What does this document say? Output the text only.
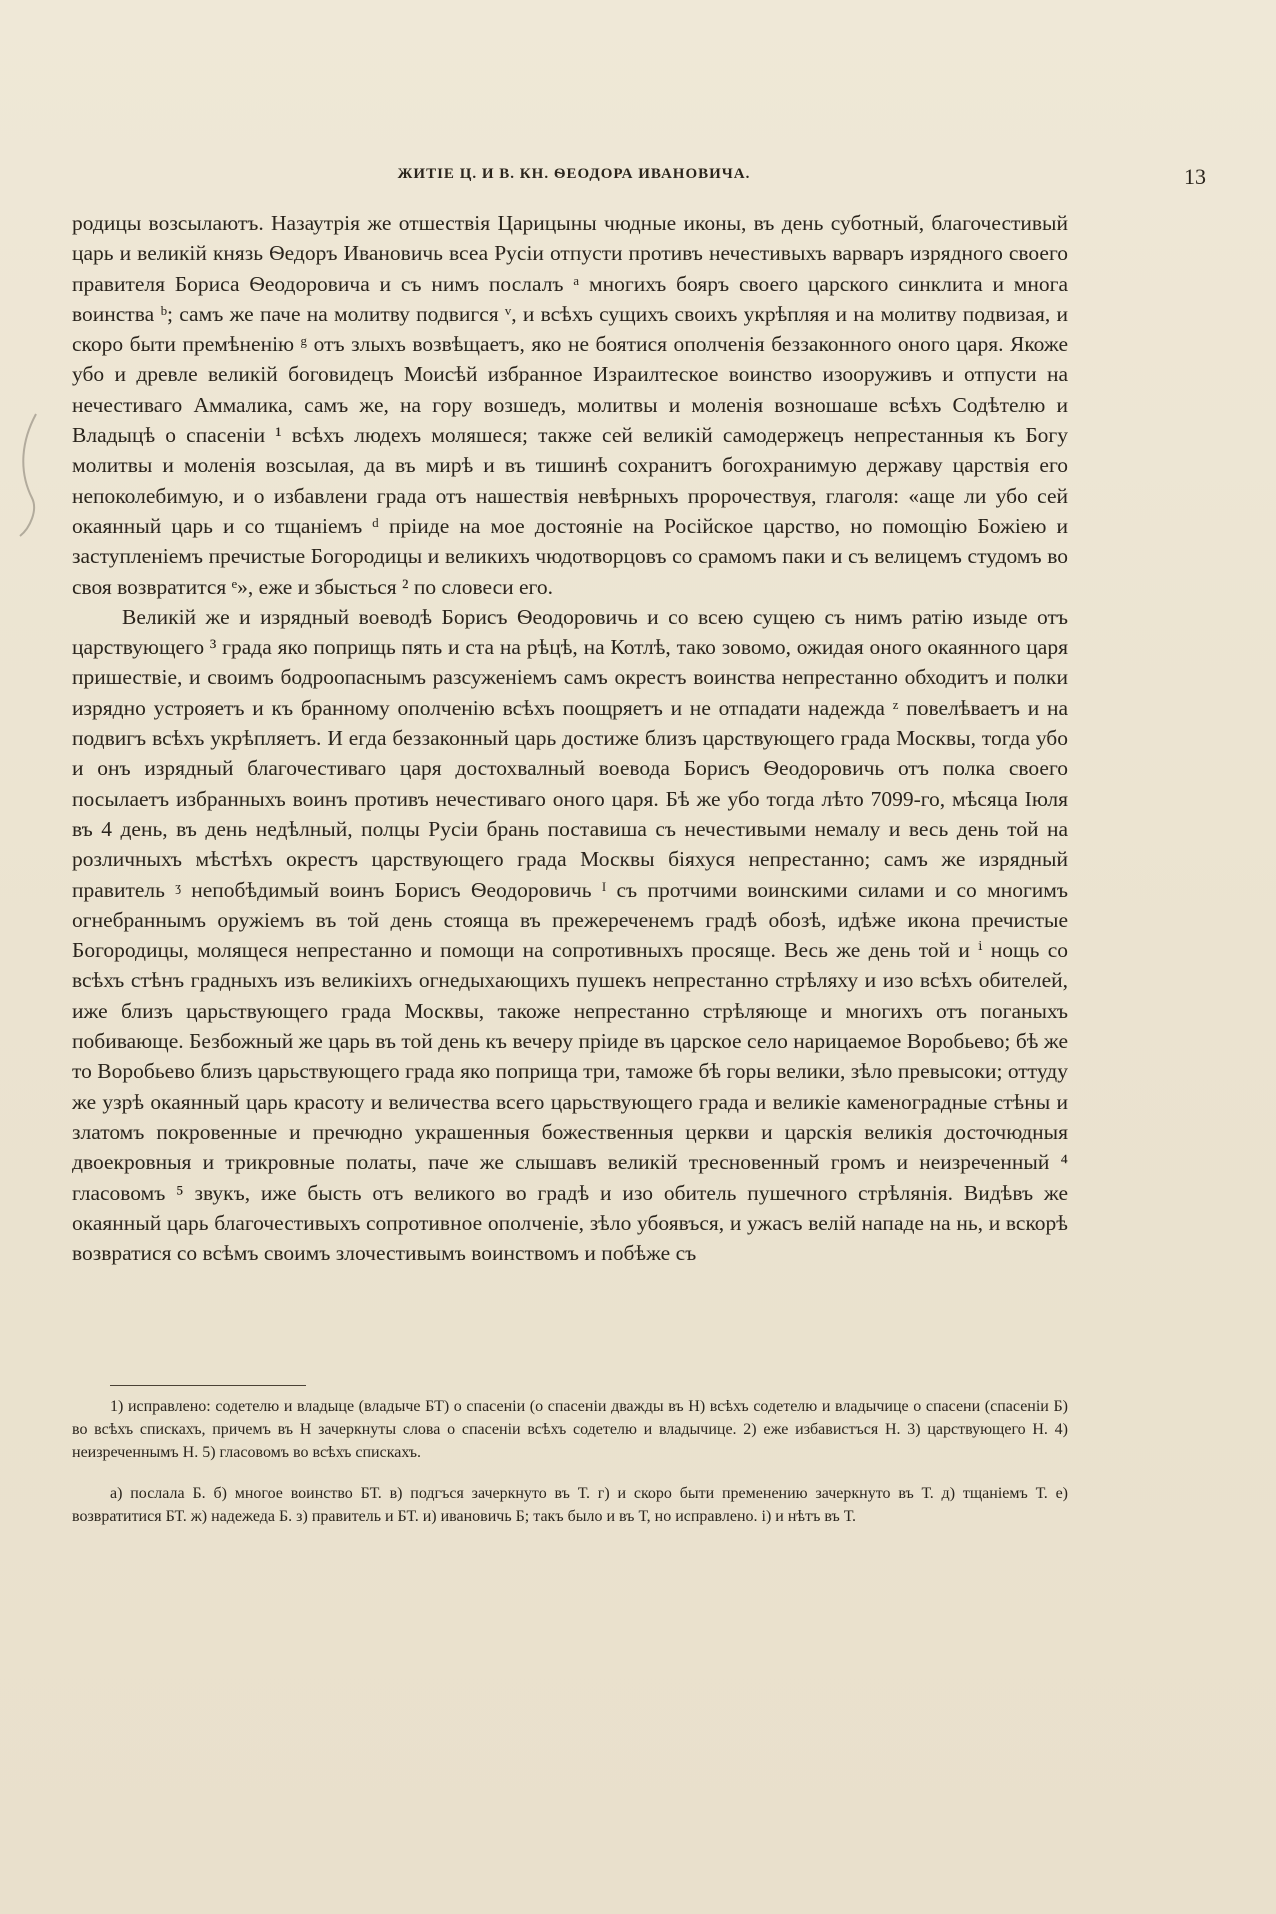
ЖИТІЕ Ц. И В. КН. ѲЕОДОРА ИВАНОВИЧА.	13

родицы возсылаютъ. Назаутрія же отшествія Царицыны чюдные иконы, въ день суботный, благочестивый царь и великій князь Ѳедоръ Ивановичь всеа Русіи отпусти противъ нечестивыхъ варваръ изрядного своего правителя Бориса Ѳеодоровича и съ нимъ послалъ ᵃ многихъ бояръ своего царского синклита и многа воинства ᵇ; самъ же паче на молитву подвигся ᵛ, и всѣхъ сущихъ своихъ укрѣпляя и на молитву подвизая, и скоро быти премѣненію ᵍ отъ злыхъ возвѣщаетъ, яко не боятися ополченія беззаконного оного царя. Якоже убо и древле великій боговидецъ Моисѣй избранное Израилтеское воинство изооруживъ и отпусти на нечестиваго Аммалика, самъ же, на гору возшедъ, молитвы и моленія возношаше всѣхъ Содѣтелю и Владыцѣ о спасеніи ¹ всѣхъ людехъ моляшеся; также сей великій самодержецъ непрестанныя къ Богу молитвы и моленія возсылая, да въ мирѣ и въ тишинѣ сохранитъ богохранимую державу царствія его непоколебимую, и о избавлени града отъ нашествія невѣрныхъ пророчествуя, глаголя: «аще ли убо сей окаянный царь и со тщаніемъ ᵈ пріиде на мое достояніе на Російское царство, но помощію Божіею и заступленіемъ пречистые Богородицы и великихъ чюдотворцовъ со срамомъ паки и съ велицемъ студомъ во своя возвратится ᵉ», еже и збысться ² по словеси его.

Великій же и изрядный воеводѣ Борисъ Ѳеодоровичь и со всею сущею съ нимъ ратію изыде отъ царствующего ³ града яко поприщь пять и ста на рѣцѣ, на Котлѣ, тако зовомо, ожидая оного окаянного царя пришествіе, и своимъ бодроопаснымъ разсуженіемъ самъ окрестъ воинства непрестанно обходитъ и полки изрядно устрояетъ и къ бранному ополченію всѣхъ поощряетъ и не отпадати надежда ᶻ повелѣваетъ и на подвигъ всѣхъ укрѣпляетъ. И егда беззаконный царь достиже близъ царствующего града Москвы, тогда убо и онъ изрядный благочестиваго царя достохвалный воевода Борисъ Ѳеодоровичь отъ полка своего посылаетъ избранныхъ воинъ противъ нечестиваго оного царя. Бѣ же убо тогда лѣто 7099-го, мѣсяца Іюля въ 4 день, въ день недѣлный, полцы Русіи брань поставиша съ нечестивыми немалу и весь день той на розличныхъ мѣстѣхъ окрестъ царствующего града Москвы біяхуся непрестанно; самъ же изрядный правитель ᶾ непобѣдимый воинъ Борисъ Ѳеодоровичь ᴵ съ протчими воинскими силами и со многимъ огнебраннымъ оружіемъ въ той день стояща въ прежереченемъ градѣ обозѣ, идѣже икона пречистые Богородицы, молящеся непрестанно и помощи на сопротивныхъ просяще. Весь же день той и ⁱ нощь со всѣхъ стѣнъ градныхъ изъ великіихъ огнедыхающихъ пушекъ непрестанно стрѣляху и изо всѣхъ обителей, иже близъ царьствующего града Москвы, такоже непрестанно стрѣляюще и многихъ отъ поганыхъ побивающе. Безбожный же царь въ той день къ вечеру пріиде въ царское село нарицаемое Воробьево; бѣ же то Воробьево близъ царьствующего града яко поприща три, таможе бѣ горы велики, зѣло превысоки; оттуду же узрѣ окаянный царь красоту и величества всего царьствующего града и великіе каменоградные стѣны и златомъ покровенные и пречюдно украшенныя божественныя церкви и царскія великія досточюдныя двоекровныя и трикровные полаты, паче же слышавъ великій тресновенный громъ и неизреченный ⁴ гласовомъ ⁵ звукъ, иже бысть отъ великого во градѣ и изо обитель пушечного стрѣлянія. Видѣвъ же окаянный царь благочестивыхъ сопротивное ополченіе, зѣло убоявъся, и ужасъ велій нападе на нь, и вскорѣ возвратися со всѣмъ своимъ злочестивымъ воинствомъ и побѣже съ

1) исправлено: содетелю и владыце (владыче БТ) о спасеніи (о спасеніи дважды въ Н) всѣхъ содетелю и владычице о спасени (спасеніи Б) во всѣхъ спискахъ, причемъ въ Н зачеркнуты слова о спасеніи всѣхъ содетелю и владычице. 2) еже избавистъся Н. 3) царствующего Н. 4) неизреченнымъ Н. 5) гласовомъ во всѣхъ спискахъ.

а) послала Б. б) многое воинство БТ. в) подгъся зачеркнуто въ Т. г) и скоро быти пременению зачеркнуто въ Т. д) тщаніемъ Т. е) возвратитися БТ. ж) надежеда Б. з) правитель и БТ. и) ивановичь Б; такъ было и въ Т, но исправлено. і) и нѣтъ въ Т.
